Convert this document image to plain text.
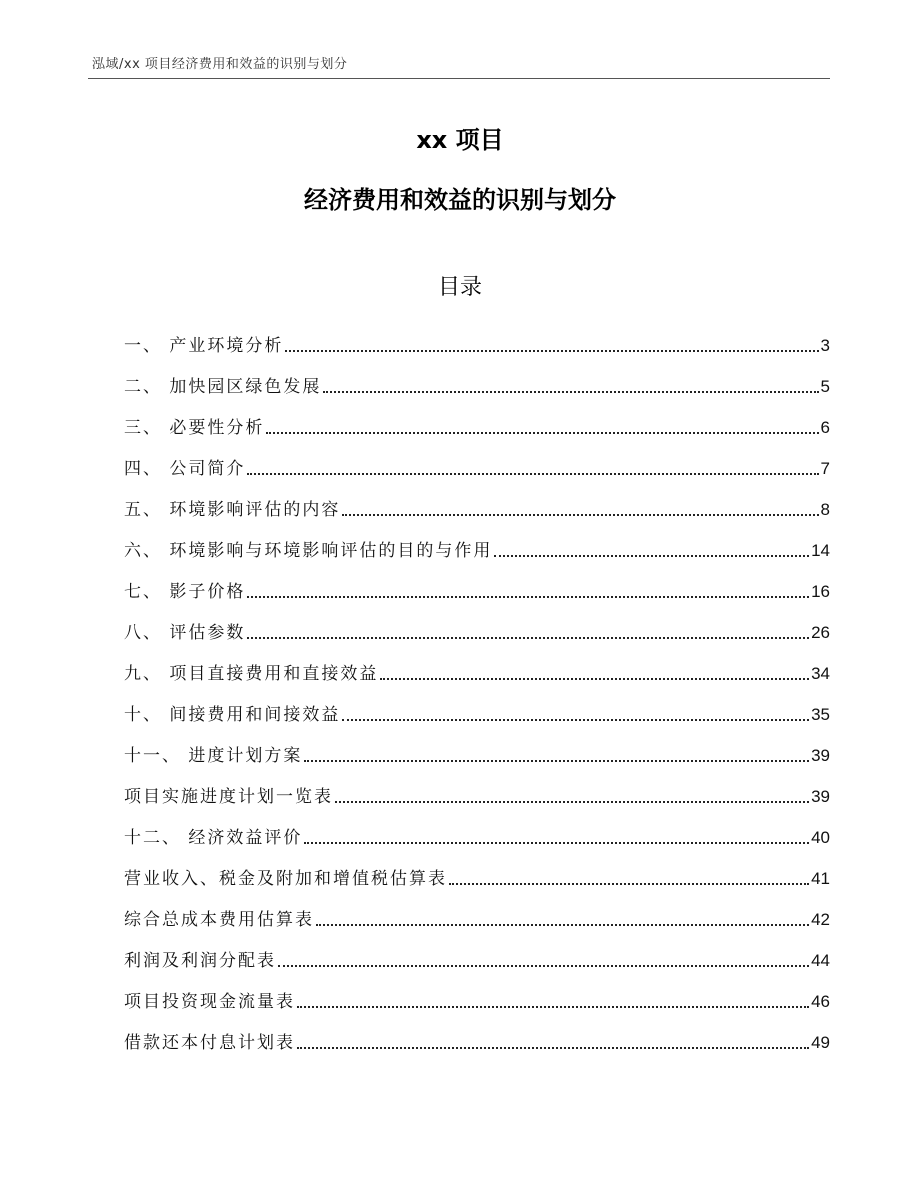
泓域/xx 项目经济费用和效益的识别与划分
xx 项目
经济费用和效益的识别与划分
目录
一、 产业环境分析	3
二、 加快园区绿色发展	5
三、 必要性分析	6
四、 公司简介	7
五、 环境影响评估的内容	8
六、 环境影响与环境影响评估的目的与作用	14
七、 影子价格	16
八、 评估参数	26
九、 项目直接费用和直接效益	34
十、 间接费用和间接效益	35
十一、 进度计划方案	39
项目实施进度计划一览表	39
十二、 经济效益评价	40
营业收入、税金及附加和增值税估算表	41
综合总成本费用估算表	42
利润及利润分配表	44
项目投资现金流量表	46
借款还本付息计划表	49
